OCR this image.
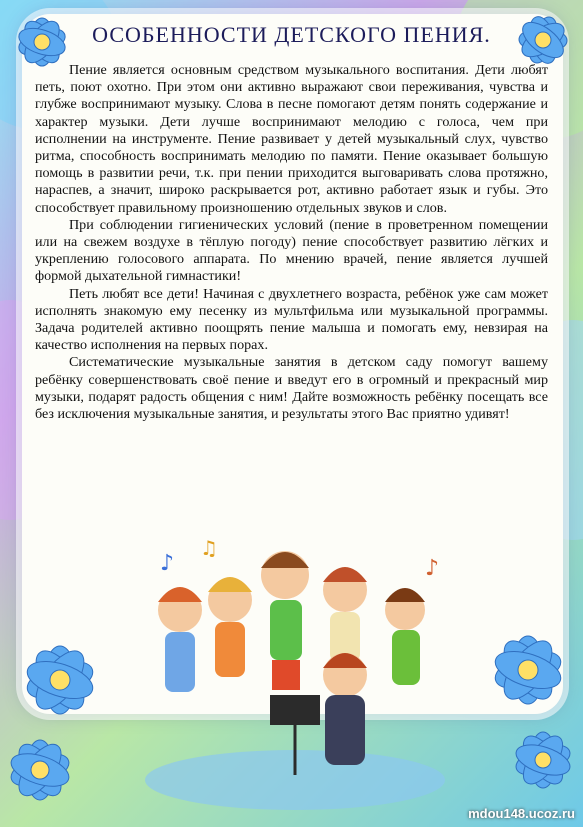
ОСОБЕННОСТИ ДЕТСКОГО ПЕНИЯ.

Пение является основным средством музыкального воспитания. Дети любят петь, поют охотно. При этом они активно выражают свои переживания, чувства и глубже воспринимают музыку. Слова в песне помогают детям понять содержание и характер музыки. Дети лучше воспринимают мелодию с голоса, чем при исполнении на инструменте. Пение развивает у детей музыкальный слух, чувство ритма, способность воспринимать мелодию по памяти. Пение оказывает большую помощь в развитии речи, т.к. при пении приходится выговаривать слова протяжно, нараспев, а значит, широко раскрывается рот, активно работает язык и губы. Это способствует правильному произношению отдельных звуков и слов.

При соблюдении гигиенических условий (пение в проветренном помещении или на свежем воздухе в тёплую погоду) пение способствует развитию лёгких и укреплению голосового аппарата. По мнению врачей, пение является лучшей формой дыхательной гимнастики!

Петь любят все дети! Начиная с двухлетнего возраста, ребёнок уже сам может исполнять знакомую ему песенку из мультфильма или музыкальной программы. Задача родителей активно поощрять пение малыша и помогать ему, невзирая на качество исполнения на первых порах.

Систематические музыкальные занятия в детском саду помогут вашему ребёнку совершенствовать своё пение и введут его в огромный и прекрасный мир музыки, подарят радость общения с ним! Дайте возможность ребёнку посещать все без исключения музыкальные занятия, и результаты этого Вас приятно удивят!

♪
♫
♪
mdou148.ucoz.ru
